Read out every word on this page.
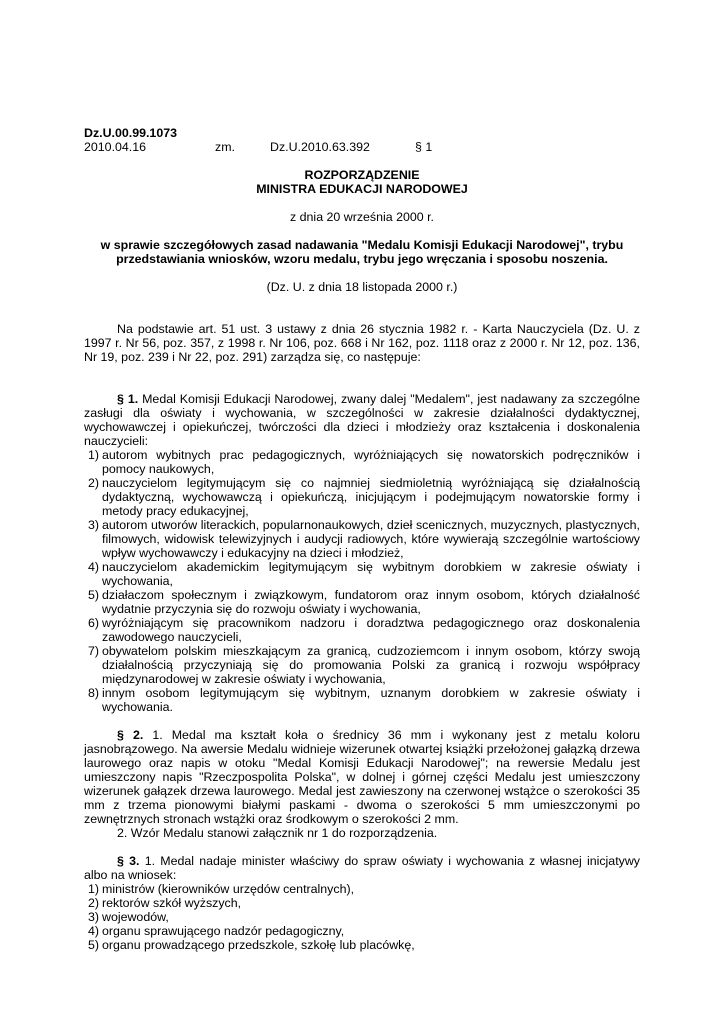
Dz.U.00.99.1073
2010.04.16	zm.	Dz.U.2010.63.392	§ 1
ROZPORZĄDZENIE
MINISTRA EDUKACJI NARODOWEJ
z dnia 20 września 2000 r.
w sprawie szczegółowych zasad nadawania "Medalu Komisji Edukacji Narodowej", trybu przedstawiania wniosków, wzoru medalu, trybu jego wręczania i sposobu noszenia.
(Dz. U. z dnia 18 listopada 2000 r.)
Na podstawie art. 51 ust. 3 ustawy z dnia 26 stycznia 1982 r. - Karta Nauczyciela (Dz. U. z 1997 r. Nr 56, poz. 357, z 1998 r. Nr 106, poz. 668 i Nr 162, poz. 1118 oraz z 2000 r. Nr 12, poz. 136, Nr 19, poz. 239 i Nr 22, poz. 291) zarządza się, co następuje:
§ 1. Medal Komisji Edukacji Narodowej, zwany dalej "Medalem", jest nadawany za szczególne zasługi dla oświaty i wychowania, w szczególności w zakresie działalności dydaktycznej, wychowawczej i opiekuńczej, twórczości dla dzieci i młodzieży oraz kształcenia i doskonalenia nauczycieli:
1) autorom wybitnych prac pedagogicznych, wyróżniających się nowatorskich podręczników i pomocy naukowych,
2) nauczycielom legitymującym się co najmniej siedmioletnią wyróżniającą się działalnością dydaktyczną, wychowawczą i opiekuńczą, inicjującym i podejmującym nowatorskie formy i metody pracy edukacyjnej,
3) autorom utworów literackich, popularnonaukowych, dzieł scenicznych, muzycznych, plastycznych, filmowych, widowisk telewizyjnych i audycji radiowych, które wywierają szczególnie wartościowy wpływ wychowawczy i edukacyjny na dzieci i młodzież,
4) nauczycielom akademickim legitymującym się wybitnym dorobkiem w zakresie oświaty i wychowania,
5) działaczom społecznym i związkowym, fundatorom oraz innym osobom, których działalność wydatnie przyczynia się do rozwoju oświaty i wychowania,
6) wyróżniającym się pracownikom nadzoru i doradztwa pedagogicznego oraz doskonalenia zawodowego nauczycieli,
7) obywatelom polskim mieszkającym za granicą, cudzoziemcom i innym osobom, którzy swoją działalnością przyczyniają się do promowania Polski za granicą i rozwoju współpracy międzynarodowej w zakresie oświaty i wychowania,
8) innym osobom legitymującym się wybitnym, uznanym dorobkiem w zakresie oświaty i wychowania.
§ 2. 1. Medal ma kształt koła o średnicy 36 mm i wykonany jest z metalu koloru jasnobrązowego. Na awersie Medalu widnieje wizerunek otwartej książki przełożonej gałązką drzewa laurowego oraz napis w otoku "Medal Komisji Edukacji Narodowej"; na rewersie Medalu jest umieszczony napis "Rzeczpospolita Polska", w dolnej i górnej części Medalu jest umieszczony wizerunek gałązek drzewa laurowego. Medal jest zawieszony na czerwonej wstążce o szerokości 35 mm z trzema pionowymi białymi paskami - dwoma o szerokości 5 mm umieszczonymi po zewnętrznych stronach wstążki oraz środkowym o szerokości 2 mm.
2. Wzór Medalu stanowi załącznik nr 1 do rozporządzenia.
§ 3. 1. Medal nadaje minister właściwy do spraw oświaty i wychowania z własnej inicjatywy albo na wniosek:
1) ministrów (kierowników urzędów centralnych),
2) rektorów szkół wyższych,
3) wojewodów,
4) organu sprawującego nadzór pedagogiczny,
5) organu prowadzącego przedszkole, szkołę lub placówkę,
